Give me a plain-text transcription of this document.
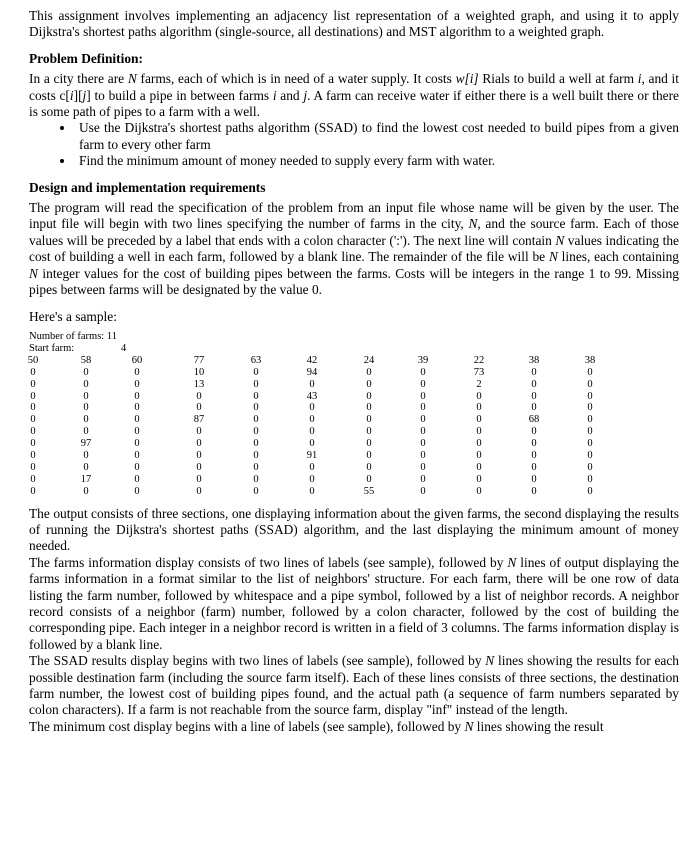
This assignment involves implementing an adjacency list representation of a weighted graph, and using it to apply Dijkstra's shortest paths algorithm (single-source, all destinations) and MST algorithm to a weighted graph.

Problem Definition:

In a city there are N farms, each of which is in need of a water supply. It costs w[i] Rials to build a well at farm i, and it costs c[i][j] to build a pipe in between farms i and j. A farm can receive water if either there is a well built there or there is some path of pipes to a farm with a well.

• Use the Dijkstra's shortest paths algorithm (SSAD) to find the lowest cost needed to build pipes from a given farm to every other farm
• Find the minimum amount of money needed to supply every farm with water.
Design and implementation requirements

The program will read the specification of the problem from an input file whose name will be given by the user. The input file will begin with two lines specifying the number of farms in the city, N, and the source farm. Each of those values will be preceded by a label that ends with a colon character (':'). The next line will contain N values indicating the cost of building a well in each farm, followed by a blank line. The remainder of the file will be N lines, each containing N integer values for the cost of building pipes between the farms. Costs will be integers in the range 1 to 99. Missing pipes between farms will be designated by the value 0.

Here's a sample:

Number of farms: 11
Start farm:	4
50	58	60	77	63	42	24	39	22	38	38
0	0	0	10	0	94	0	0	73	0	0
0	0	0	13	0	0	0	0	2	0	0
0	0	0	0	0	43	0	0	0	0	0
0	0	0	0	0	0	0	0	0	0	0
0	0	0	87	0	0	0	0	0	68	0
0	0	0	0	0	0	0	0	0	0	0
0	97	0	0	0	0	0	0	0	0	0
0	0	0	0	0	91	0	0	0	0	0
0	0	0	0	0	0	0	0	0	0	0
0	17	0	0	0	0	0	0	0	0	0
0	0	0	0	0	0	55	0	0	0	0

The output consists of three sections, one displaying information about the given farms, the second displaying the results of running the Dijkstra's shortest paths (SSAD) algorithm, and the last displaying the minimum amount of money needed.

The farms information display consists of two lines of labels (see sample), followed by N lines of output displaying the farms information in a format similar to the list of neighbors' structure. For each farm, there will be one row of data listing the farm number, followed by whitespace and a pipe symbol, followed by a list of neighbor records. A neighbor record consists of a neighbor (farm) number, followed by a colon character, followed by the cost of building the corresponding pipe. Each integer in a neighbor record is written in a field of 3 columns. The farms information display is followed by a blank line.

The SSAD results display begins with two lines of labels (see sample), followed by N lines showing the results for each possible destination farm (including the source farm itself). Each of these lines consists of three sections, the destination farm number, the lowest cost of building pipes found, and the actual path (a sequence of farm numbers separated by colon characters). If a farm is not reachable from the source farm, display "inf" instead of the length.

The minimum cost display begins with a line of labels (see sample), followed by N lines showing the result
